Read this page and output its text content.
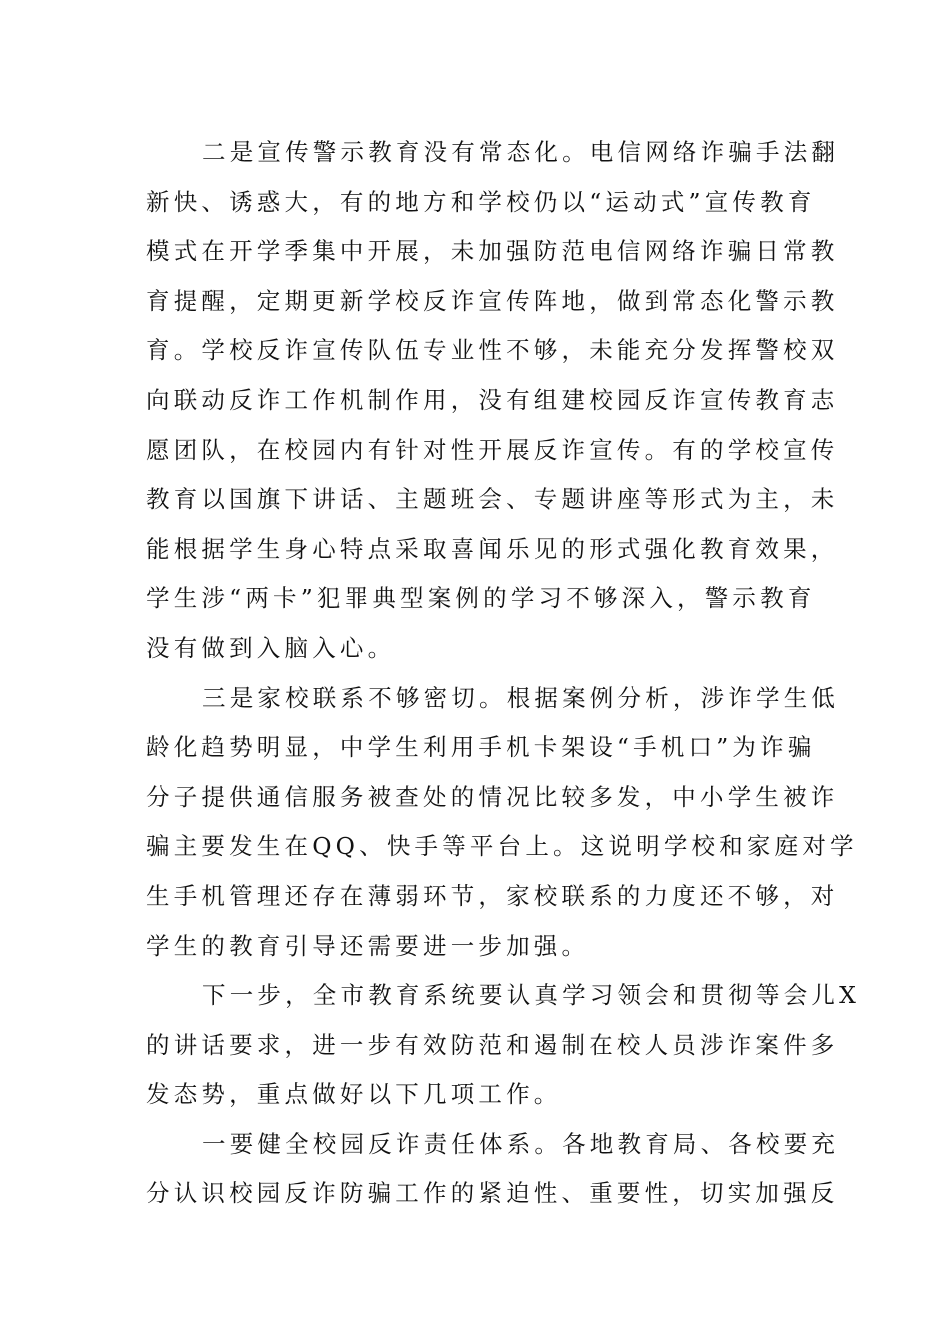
二是宣传警示教育没有常态化。电信网络诈骗手法翻
新快、诱惑大，有的地方和学校仍以“运动式”宣传教育
模式在开学季集中开展，未加强防范电信网络诈骗日常教
育提醒，定期更新学校反诈宣传阵地，做到常态化警示教
育。学校反诈宣传队伍专业性不够，未能充分发挥警校双
向联动反诈工作机制作用，没有组建校园反诈宣传教育志
愿团队，在校园内有针对性开展反诈宣传。有的学校宣传
教育以国旗下讲话、主题班会、专题讲座等形式为主，未
能根据学生身心特点采取喜闻乐见的形式强化教育效果，
学生涉“两卡”犯罪典型案例的学习不够深入，警示教育
没有做到入脑入心。

三是家校联系不够密切。根据案例分析，涉诈学生低
龄化趋势明显，中学生利用手机卡架设“手机口”为诈骗
分子提供通信服务被查处的情况比较多发，中小学生被诈
骗主要发生在QQ、快手等平台上。这说明学校和家庭对学
生手机管理还存在薄弱环节，家校联系的力度还不够，对
学生的教育引导还需要进一步加强。

下一步，全市教育系统要认真学习领会和贯彻等会儿X
的讲话要求，进一步有效防范和遏制在校人员涉诈案件多
发态势，重点做好以下几项工作。

一要健全校园反诈责任体系。各地教育局、各校要充
分认识校园反诈防骗工作的紧迫性、重要性，切实加强反
